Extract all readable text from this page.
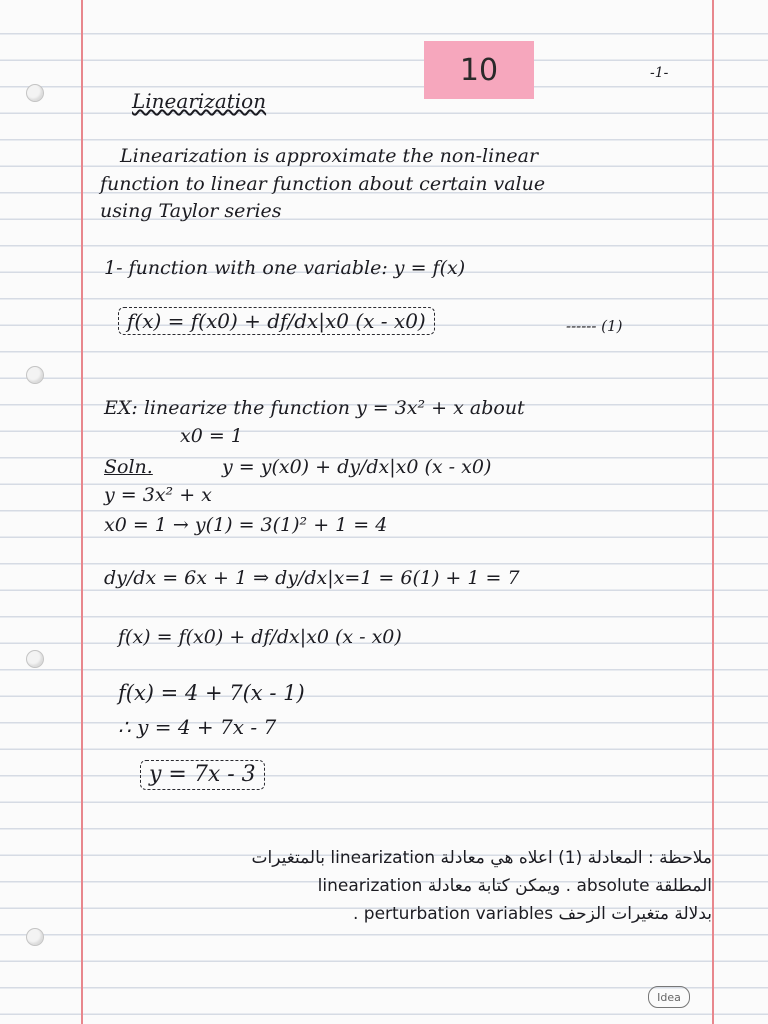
10	-1-
Linearization
Linearization is approximate the non-linear
function to linear function about certain value
using Taylor series
1- function with one variable: y = f(x)
f(x) = f(x0) + df/dx|x0 (x - x0)	------ (1)
EX: linearize the function y = 3x² + x about
x0 = 1
Soln.	y = y(x0) + dy/dx|x0 (x - x0)
y = 3x² + x
x0 = 1 → y(1) = 3(1)² + 1 = 4
dy/dx = 6x + 1 ⇒ dy/dx|x=1 = 6(1) + 1 = 7
f(x) = f(x0) + df/dx|x0 (x - x0)
f(x) = 4 + 7(x - 1)
∴ y = 4 + 7x - 7
y = 7x - 3
ملاحظة : المعادلة (1) اعلاه هي معادلة linearization بالمتغيرات
المطلقة absolute . ويمكن كتابة معادلة linearization
بدلالة متغيرات الزحف perturbation variables .
Idea
